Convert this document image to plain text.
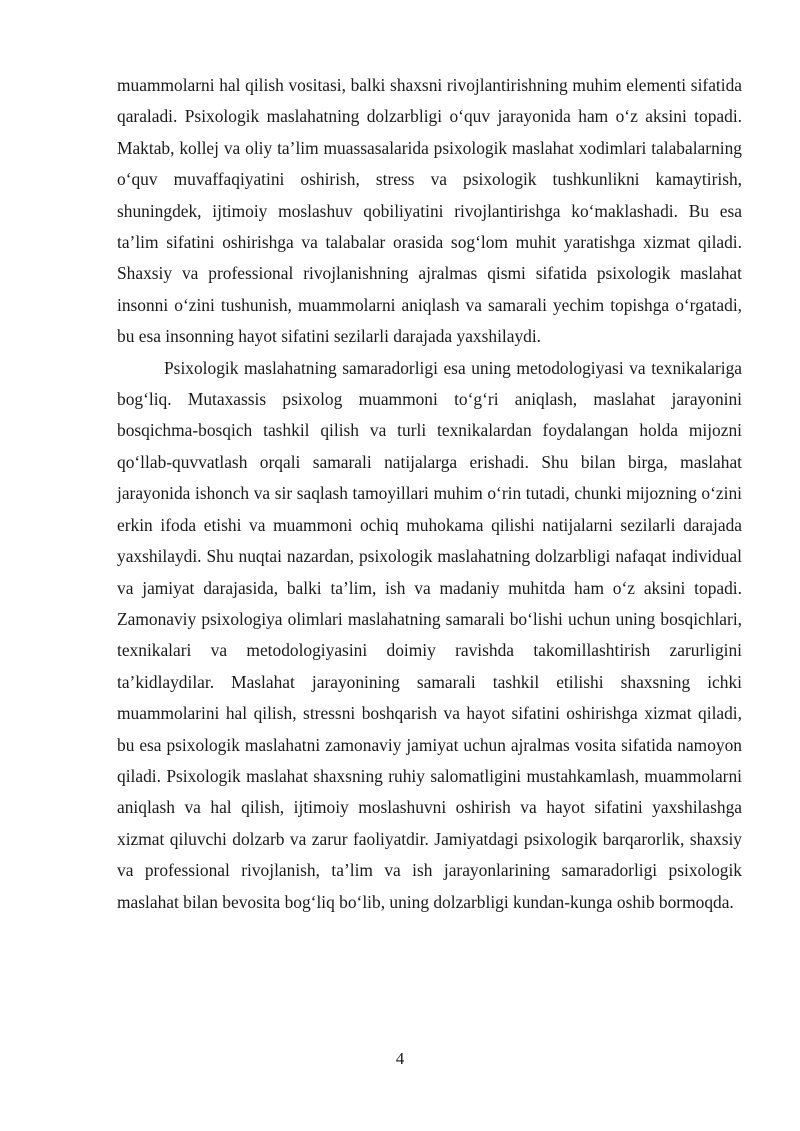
muammolarni hal qilish vositasi, balki shaxsni rivojlantirishning muhim elementi sifatida qaraladi. Psixologik maslahatning dolzarbligi o‘quv jarayonida ham o‘z aksini topadi. Maktab, kollej va oliy ta’lim muassasalarida psixologik maslahat xodimlari talabalarning o‘quv muvaffaqiyatini oshirish, stress va psixologik tushkunlikni kamaytirish, shuningdek, ijtimoiy moslashuv qobiliyatini rivojlantirishga ko‘maklashadi. Bu esa ta’lim sifatini oshirishga va talabalar orasida sog‘lom muhit yaratishga xizmat qiladi. Shaxsiy va professional rivojlanishning ajralmas qismi sifatida psixologik maslahat insonni o‘zini tushunish, muammolarni aniqlash va samarali yechim topishga o‘rgatadi, bu esa insonning hayot sifatini sezilarli darajada yaxshilaydi.

Psixologik maslahatning samaradorligi esa uning metodologiyasi va texnikalariga bog‘liq. Mutaxassis psixolog muammoni to‘g‘ri aniqlash, maslahat jarayonini bosqichma-bosqich tashkil qilish va turli texnikalardan foydalangan holda mijozni qo‘llab-quvvatlash orqali samarali natijalarga erishadi. Shu bilan birga, maslahat jarayonida ishonch va sir saqlash tamoyillari muhim o‘rin tutadi, chunki mijozning o‘zini erkin ifoda etishi va muammoni ochiq muhokama qilishi natijalarni sezilarli darajada yaxshilaydi. Shu nuqtai nazardan, psixologik maslahatning dolzarbligi nafaqat individual va jamiyat darajasida, balki ta’lim, ish va madaniy muhitda ham o‘z aksini topadi. Zamonaviy psixologiya olimlari maslahatning samarali bo‘lishi uchun uning bosqichlari, texnikalari va metodologiyasini doimiy ravishda takomillashtirish zarurligini ta’kidlaydilar. Maslahat jarayonining samarali tashkil etilishi shaxsning ichki muammolarini hal qilish, stressni boshqarish va hayot sifatini oshirishga xizmat qiladi, bu esa psixologik maslahatni zamonaviy jamiyat uchun ajralmas vosita sifatida namoyon qiladi. Psixologik maslahat shaxsning ruhiy salomatligini mustahkamlash, muammolarni aniqlash va hal qilish, ijtimoiy moslashuvni oshirish va hayot sifatini yaxshilashga xizmat qiluvchi dolzarb va zarur faoliyatdir. Jamiyatdagi psixologik barqarorlik, shaxsiy va professional rivojlanish, ta’lim va ish jarayonlarining samaradorligi psixologik maslahat bilan bevosita bog‘liq bo‘lib, uning dolzarbligi kundan-kunga oshib bormoqda.

4
